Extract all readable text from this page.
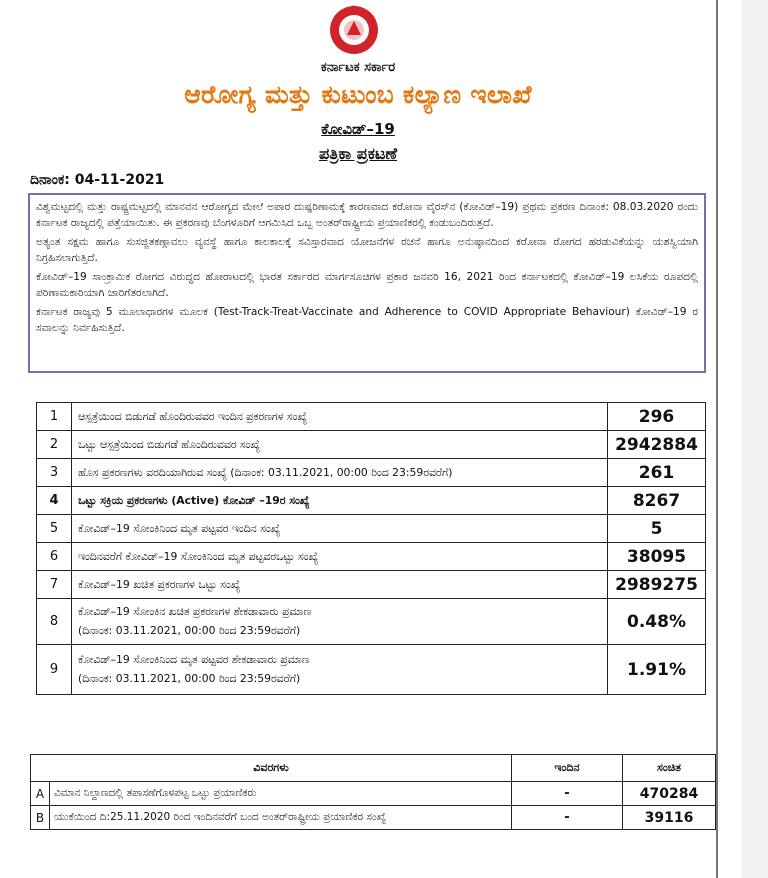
ಕರ್ನಾಟಕ ಸರ್ಕಾರ
ಆರೋಗ್ಯ ಮತ್ತು ಕುಟುಂಬ ಕಲ್ಯಾಣ ಇಲಾಖೆ
ಕೋವಿಡ್–19
ಪತ್ರಿಕಾ ಪ್ರಕಟಣೆ
ದಿನಾಂಕ: 04-11-2021

ವಿಶ್ವಮಟ್ಟದಲ್ಲಿ ಮತ್ತು ರಾಷ್ಟ್ರಮಟ್ಟದಲ್ಲಿ ಮಾನವನ ಆರೋಗ್ಯದ ಮೇಲೆ ಅಪಾರ ದುಷ್ಪರಿಣಾಮಕ್ಕೆ ಕಾರಣವಾದ ಕರೋನಾ ವೈರಸ್‌ನ (ಕೋವಿಡ್–19) ಪ್ರಥಮ ಪ್ರಕರಣ ದಿನಾಂಕ: 08.03.2020 ರಂದು ಕರ್ನಾಟಕ ರಾಜ್ಯದಲ್ಲಿ ಪತ್ತೆಯಾಯಿತು. ಈ ಪ್ರಕರಣವು ಬೆಂಗಳೂರಿಗೆ ಆಗಮಿಸಿದ ಒಬ್ಬ ಅಂತರ್‌ರಾಷ್ಟ್ರೀಯ ಪ್ರಯಾಣಿಕರಲ್ಲಿ ಕಂಡುಬಂದಿರುತ್ತದೆ.

ಅತ್ಯಂತ ಸಕ್ಷಮ ಹಾಗೂ ಸುಸಜ್ಜಿತಕಣ್ಗಾವಲು ವ್ಯವಸ್ಥೆ ಹಾಗೂ ಕಾಲಕಾಲಕ್ಕೆ ಸವಿಸ್ತಾರವಾದ ಯೋಜನೆಗಳ ರಚನೆ ಹಾಗೂ ಅನುಷ್ಠಾನದಿಂದ ಕರೋನಾ ರೋಗದ ಹರಡುವಿಕೆಯನ್ನು ಯಶಸ್ವಿಯಾಗಿ ನಿಗ್ರಹಿಸಲಾಗುತ್ತಿದೆ.

ಕೋವಿಡ್–19 ಸಾಂಕ್ರಾಮಿಕ ರೋಗದ ವಿರುದ್ಧದ ಹೋರಾಟದಲ್ಲಿ ಭಾರತ ಸರ್ಕಾರದ ಮಾರ್ಗಸೂಚಿಗಳ ಪ್ರಕಾರ ಜನವರಿ 16, 2021 ರಿಂದ ಕರ್ನಾಟಕದಲ್ಲಿ ಕೋವಿಡ್–19 ಲಸಿಕೆಯ ರೂಪದಲ್ಲಿ ಪರಿಣಾಮಕಾರಿಯಾಗಿ ಜಾರಿಗೆತರಲಾಗಿದೆ.

ಕರ್ನಾಟಕ ರಾಜ್ಯವು 5 ಮೂಲಾಧಾರಗಳ ಮೂಲಕ (Test-Track-Treat-Vaccinate and Adherence to COVID Appropriate Behaviour) ಕೋವಿಡ್–19 ರ ಸವಾಲನ್ನು ನಿರ್ವಹಿಸುತ್ತಿದೆ.

1	ಆಸ್ಪತ್ರೆಯಿಂದ ಬಿಡುಗಡೆ ಹೊಂದಿರುವವರ ಇಂದಿನ ಪ್ರಕರಣಗಳ ಸಂಖ್ಯೆ	296
2	ಒಟ್ಟು ಆಸ್ಪತ್ರೆಯಿಂದ ಬಿಡುಗಡೆ ಹೊಂದಿರುವವರ ಸಂಖ್ಯೆ	2942884
3	ಹೊಸ ಪ್ರಕರಣಗಳು ವರದಿಯಾಗಿರುವ ಸಂಖ್ಯೆ (ದಿನಾಂಕ: 03.11.2021, 00:00 ರಿಂದ 23:59ರವರೆಗೆ)	261
4	ಒಟ್ಟು ಸಕ್ರಿಯ ಪ್ರಕರಣಗಳು (Active) ಕೋವಿಡ್ –19ರ ಸಂಖ್ಯೆ	8267
5	ಕೋವಿಡ್–19 ಸೋಂಕಿನಿಂದ ಮೃತ ಪಟ್ಟವರ ಇಂದಿನ ಸಂಖ್ಯೆ	5
6	ಇಂದಿನವರೆಗೆ ಕೋವಿಡ್–19 ಸೋಂಕಿನಿಂದ ಮೃತ ಪಟ್ಟವರಒಟ್ಟು ಸಂಖ್ಯೆ	38095
7	ಕೋವಿಡ್–19 ಖಚಿತ ಪ್ರಕರಣಗಳ ಒಟ್ಟು ಸಂಖ್ಯೆ	2989275
8	ಕೋವಿಡ್–19 ಸೋಂಕಿನ ಖಚಿತ ಪ್ರಕರಣಗಳ ಶೇಕಡಾವಾರು ಪ್ರಮಾಣ
(ದಿನಾಂಕ: 03.11.2021, 00:00 ರಿಂದ 23:59ರವರೆಗೆ)	0.48%
9	ಕೋವಿಡ್–19 ಸೋಂಕಿನಿಂದ ಮೃತ ಪಟ್ಟವರ ಶೇಕಡಾವಾರು ಪ್ರಮಾಣ
(ದಿನಾಂಕ: 03.11.2021, 00:00 ರಿಂದ 23:59ರವರೆಗೆ)	1.91%
ವಿವರಗಳು		ಇಂದಿನ	ಸಂಚಿತ
A	ವಿಮಾನ ನಿಲ್ದಾಣದಲ್ಲಿ ತಪಾಸಣೆಗೊಳಪಟ್ಟ ಒಟ್ಟು ಪ್ರಯಾಣಿಕರು	-	470284
B	ಯುಕೆಯಿಂದ ದಿ:25.11.2020 ರಿಂದ ಇಂದಿನವರೆಗೆ ಬಂದ ಅಂತರ್‌ರಾಷ್ಟ್ರೀಯ ಪ್ರಯಾಣಿಕರ ಸಂಖ್ಯೆ	-	39116
